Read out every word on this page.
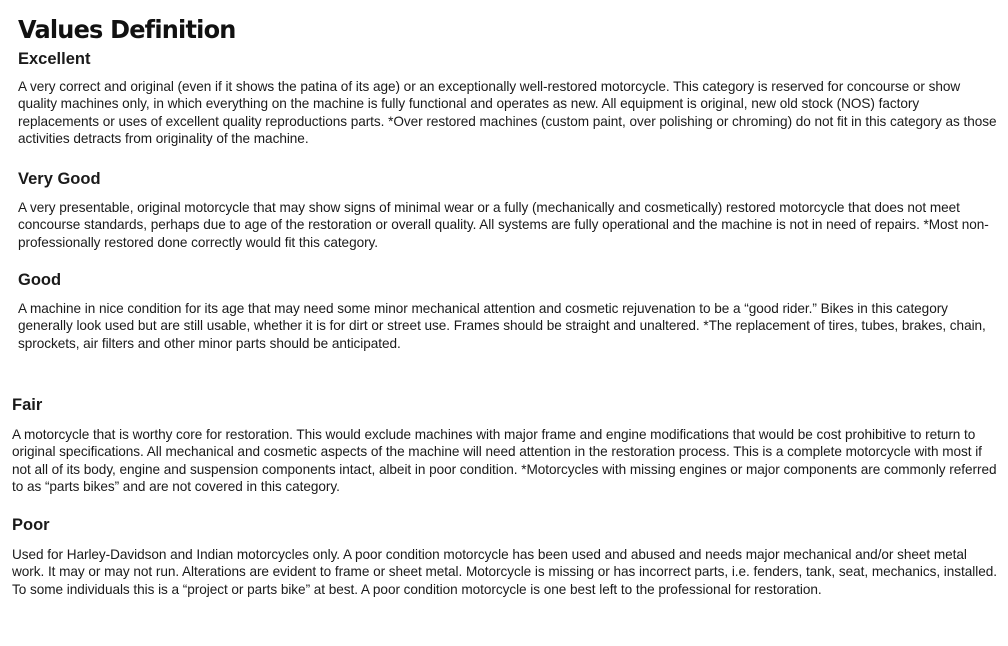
Values Definition
Excellent

A very correct and original (even if it shows the patina of its age) or an exceptionally well-restored motorcycle. This category is reserved for concourse or show quality machines only, in which everything on the machine is fully functional and operates as new. All equipment is original, new old stock (NOS) factory replacements or uses of excellent quality reproductions parts. *Over restored machines (custom paint, over polishing or chroming) do not fit in this category as those activities detracts from originality of the machine.

Very Good

A very presentable, original motorcycle that may show signs of minimal wear or a fully (mechanically and cosmetically) restored motorcycle that does not meet concourse standards, perhaps due to age of the restoration or overall quality. All systems are fully operational and the machine is not in need of repairs. *Most non-professionally restored done correctly would fit this category.

Good

A machine in nice condition for its age that may need some minor mechanical attention and cosmetic rejuvenation to be a “good rider.” Bikes in this category generally look used but are still usable, whether it is for dirt or street use. Frames should be straight and unaltered. *The replacement of tires, tubes, brakes, chain, sprockets, air filters and other minor parts should be anticipated.

Fair

A motorcycle that is worthy core for restoration. This would exclude machines with major frame and engine modifications that would be cost prohibitive to return to original specifications. All mechanical and cosmetic aspects of the machine will need attention in the restoration process. This is a complete motorcycle with most if not all of its body, engine and suspension components intact, albeit in poor condition. *Motorcycles with missing engines or major components are commonly referred to as “parts bikes” and are not covered in this category.

Poor

Used for Harley-Davidson and Indian motorcycles only. A poor condition motorcycle has been used and abused and needs major mechanical and/or sheet metal work. It may or may not run. Alterations are evident to frame or sheet metal. Motorcycle is missing or has incorrect parts, i.e. fenders, tank, seat, mechanics, installed. To some individuals this is a “project or parts bike” at best. A poor condition motorcycle is one best left to the professional for restoration.
